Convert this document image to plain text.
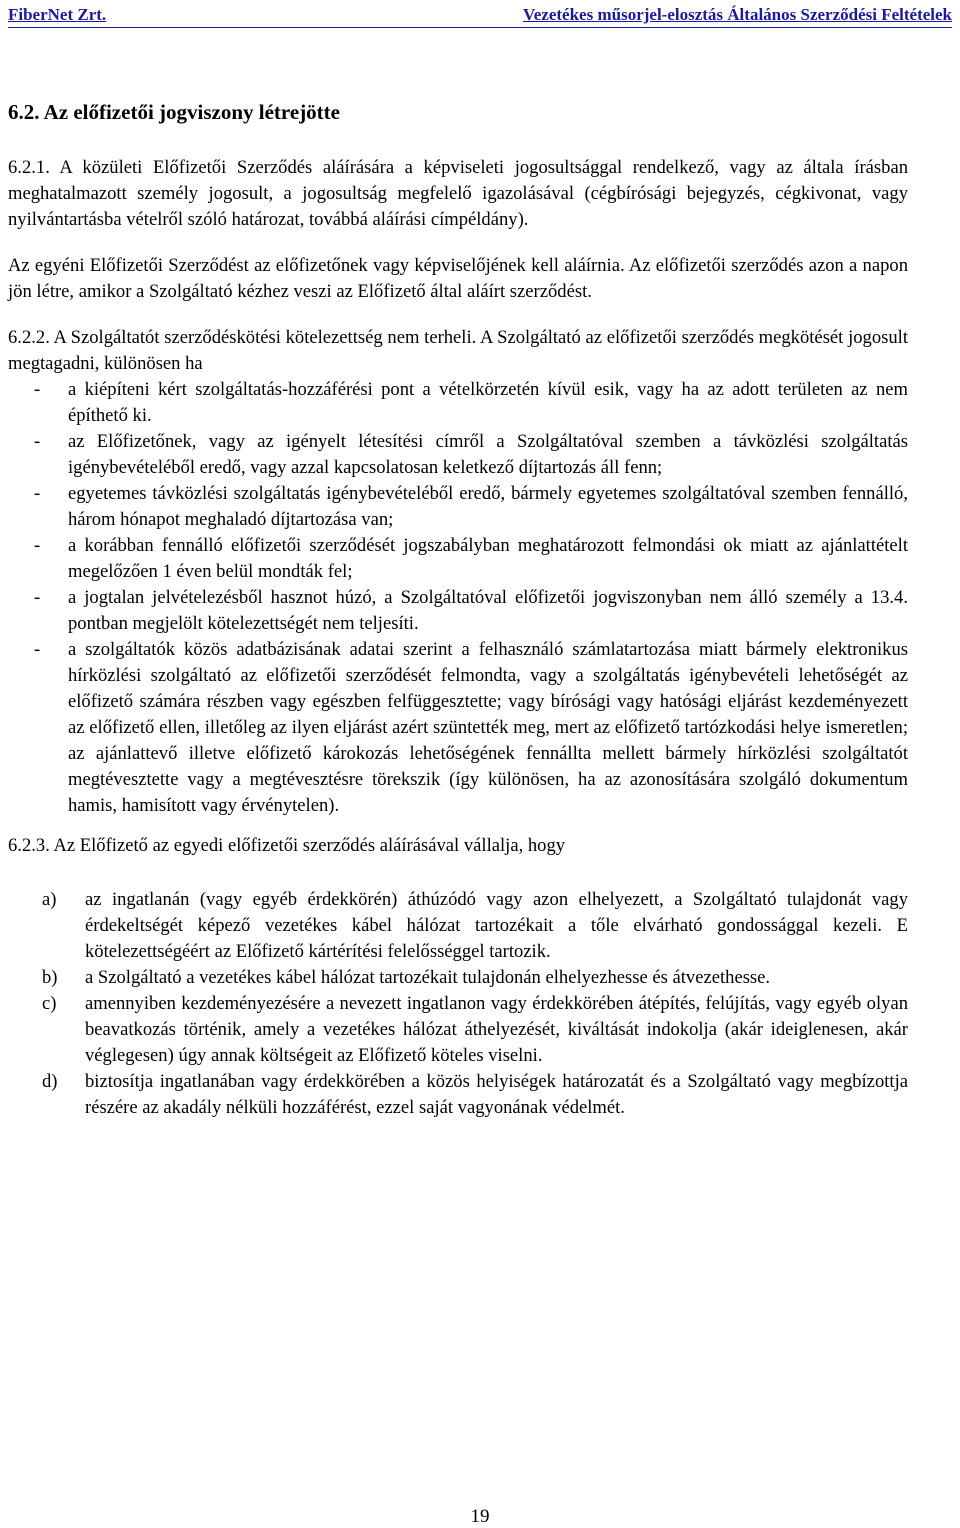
FiberNet Zrt.	Vezetékes műsorjel-elosztás Általános Szerződési Feltételek
6.2. Az előfizetői jogviszony létrejötte

6.2.1. A közületi Előfizetői Szerződés aláírására a képviseleti jogosultsággal rendelkező, vagy az általa írásban meghatalmazott személy jogosult, a jogosultság megfelelő igazolásával (cégbírósági bejegyzés, cégkivonat, vagy nyilvántartásba vételről szóló határozat, továbbá aláírási címpéldány).

Az egyéni Előfizetői Szerződést az előfizetőnek vagy képviselőjének kell aláírnia. Az előfizetői szerződés azon a napon jön létre, amikor a Szolgáltató kézhez veszi az Előfizető által aláírt szerződést.

6.2.2. A Szolgáltatót szerződéskötési kötelezettség nem terheli. A Szolgáltató az előfizetői szerződés megkötését jogosult megtagadni, különösen ha

-	a kiépíteni kért szolgáltatás-hozzáférési pont a vételkörzetén kívül esik, vagy ha az adott területen az nem építhető ki.
-	az Előfizetőnek, vagy az igényelt létesítési címről a Szolgáltatóval szemben a távközlési szolgáltatás igénybevételéből eredő, vagy azzal kapcsolatosan keletkező díjtartozás áll fenn;
-	egyetemes távközlési szolgáltatás igénybevételéből eredő, bármely egyetemes szolgáltatóval szemben fennálló, három hónapot meghaladó díjtartozása van;
-	a korábban fennálló előfizetői szerződését jogszabályban meghatározott felmondási ok miatt az ajánlattételt megelőzően 1 éven belül mondták fel;
-	a jogtalan jelvételezésből hasznot húzó, a Szolgáltatóval előfizetői jogviszonyban nem álló személy a 13.4. pontban megjelölt kötelezettségét nem teljesíti.
-	a szolgáltatók közös adatbázisának adatai szerint a felhasználó számlatartozása miatt bármely elektronikus hírközlési szolgáltató az előfizetői szerződését felmondta, vagy a szolgáltatás igénybevételi lehetőségét az előfizető számára részben vagy egészben felfüggesztette; vagy bírósági vagy hatósági eljárást kezdeményezett az előfizető ellen, illetőleg az ilyen eljárást azért szüntették meg, mert az előfizető tartózkodási helye ismeretlen; az ajánlattevő illetve előfizető károkozás lehetőségének fennállta mellett bármely hírközlési szolgáltatót megtévesztette vagy a megtévesztésre törekszik (így különösen, ha az azonosítására szolgáló dokumentum hamis, hamisított vagy érvénytelen).

6.2.3. Az Előfizető az egyedi előfizetői szerződés aláírásával vállalja, hogy

a)	az ingatlanán (vagy egyéb érdekkörén) áthúzódó vagy azon elhelyezett, a Szolgáltató tulajdonát vagy érdekeltségét képező vezetékes kábel hálózat tartozékait a tőle elvárható gondossággal kezeli. E kötelezettségéért az Előfizető kártérítési felelősséggel tartozik.
b)	a Szolgáltató a vezetékes kábel hálózat tartozékait tulajdonán elhelyezhesse és átvezethesse.
c)	amennyiben kezdeményezésére a nevezett ingatlanon vagy érdekkörében átépítés, felújítás, vagy egyéb olyan beavatkozás történik, amely a vezetékes hálózat áthelyezését, kiváltását indokolja (akár ideiglenesen, akár véglegesen) úgy annak költségeit az Előfizető köteles viselni.
d)	biztosítja ingatlanában vagy érdekkörében a közös helyiségek határozatát és a Szolgáltató vagy megbízottja részére az akadály nélküli hozzáférést, ezzel saját vagyonának védelmét.
19
